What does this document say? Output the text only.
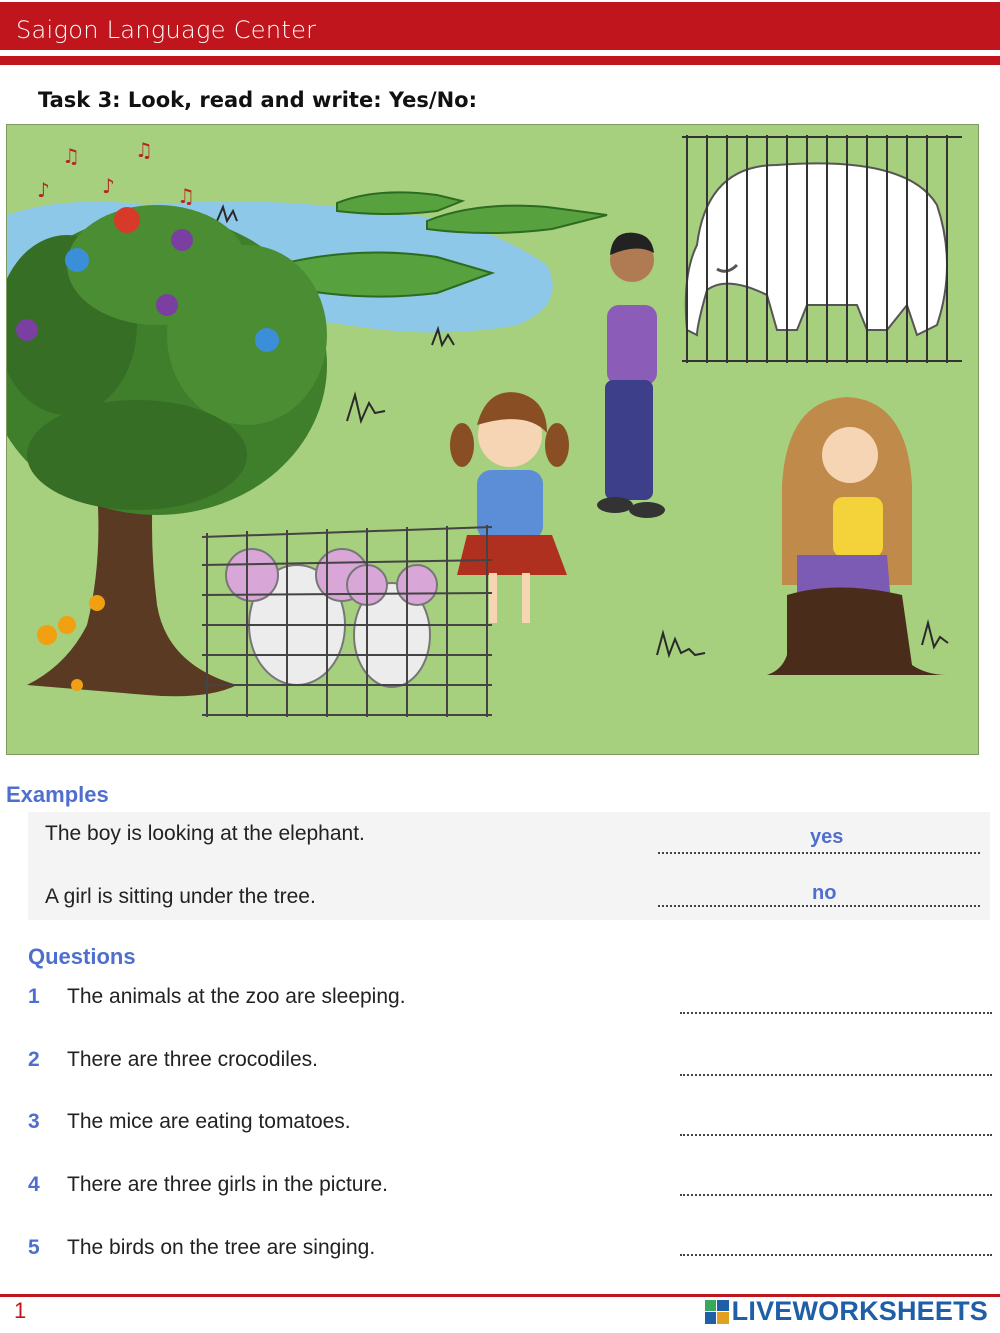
Saigon Language Center
Task 3: Look, read and write: Yes/No:
♫	♫
♪	♪	♫
Examples
The boy is looking at the elephant.	yes
A girl is sitting under the tree.	no
Questions
1 The animals at the zoo are sleeping.
2 There are three crocodiles.
3 The mice are eating tomatoes.
4 There are three girls in the picture.
5 The birds on the tree are singing.
1	LIVEWORKSHEETS
